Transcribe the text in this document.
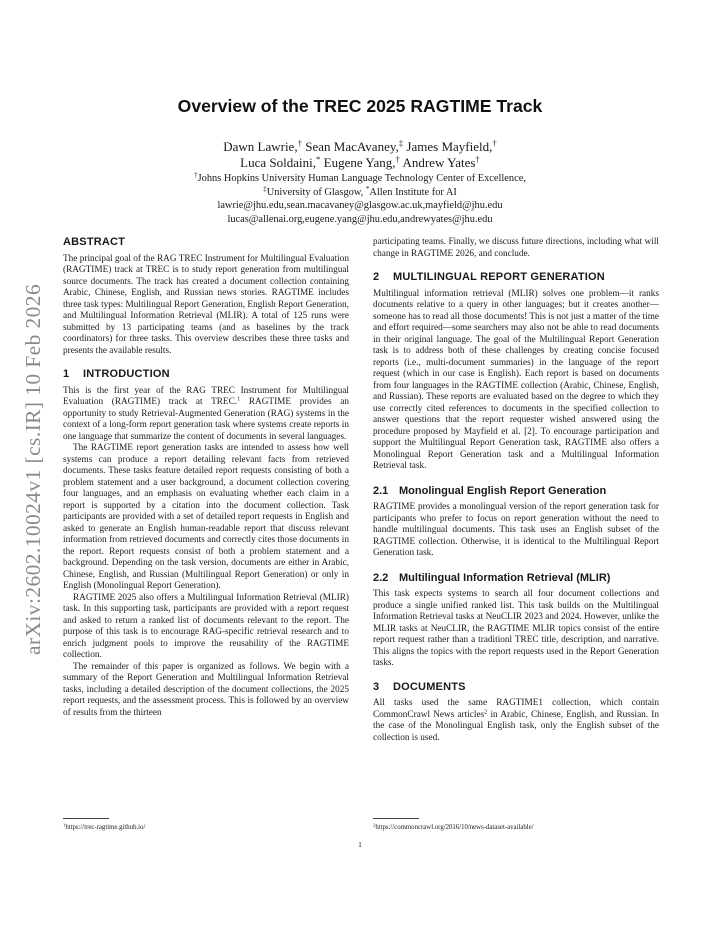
arXiv:2602.10024v1 [cs.IR] 10 Feb 2026
Overview of the TREC 2025 RAGTIME Track
Dawn Lawrie,† Sean MacAvaney,‡ James Mayfield,†
Luca Soldaini,* Eugene Yang,† Andrew Yates†
†Johns Hopkins University Human Language Technology Center of Excellence,
‡University of Glasgow, *Allen Institute for AI
lawrie@jhu.edu,sean.macavaney@glasgow.ac.uk,mayfield@jhu.edu
lucas@allenai.org,eugene.yang@jhu.edu,andrewyates@jhu.edu
ABSTRACT

The principal goal of the RAG TREC Instrument for Multilingual Evaluation (RAGTIME) track at TREC is to study report generation from multilingual source documents. The track has created a document collection containing Arabic, Chinese, English, and Russian news stories. RAGTIME includes three task types: Multilingual Report Generation, English Report Generation, and Multilingual Information Retrieval (MLIR). A total of 125 runs were submitted by 13 participating teams (and as baselines by the track coordinators) for three tasks. This overview describes these three tasks and presents the available results.

1 INTRODUCTION

This is the first year of the RAG TREC Instrument for Multilingual Evaluation (RAGTIME) track at TREC.$^1$ RAGTIME provides an opportunity to study Retrieval-Augmented Generation (RAG) systems in the context of a long-form report generation task where systems create reports in one language that summarize the content of documents in several languages.

The RAGTIME report generation tasks are intended to assess how well systems can produce a report detailing relevant facts from retrieved documents. These tasks feature detailed report requests consisting of both a problem statement and a user background, a document collection covering four languages, and an emphasis on evaluating whether each claim in a report is supported by a citation into the document collection. Task participants are provided with a set of detailed report requests in English and asked to generate an English human-readable report that discuss relevant information from retrieved documents and correctly cites those documents in the report. Report requests consist of both a problem statement and a background. Depending on the task version, documents are either in Arabic, Chinese, English, and Russian (Multilingual Report Generation) or only in English (Monolingual Report Generation).

RAGTIME 2025 also offers a Multilingual Information Retrieval (MLIR) task. In this supporting task, participants are provided with a report request and asked to return a ranked list of documents relevant to the report. The purpose of this task is to encourage RAG-specific retrieval research and to enrich judgment pools to improve the reusability of the RAGTIME collection.

The remainder of this paper is organized as follows. We begin with a summary of the Report Generation and Multilingual Information Retrieval tasks, including a detailed description of the document collections, the 2025 report requests, and the assessment process. This is followed by an overview of results from the thirteen

participating teams. Finally, we discuss future directions, including what will change in RAGTIME 2026, and conclude.

2 MULTILINGUAL REPORT GENERATION

Multilingual information retrieval (MLIR) solves one problem—it ranks documents relative to a query in other languages; but it creates another—someone has to read all those documents! This is not just a matter of the time and effort required—some searchers may also not be able to read documents in their original language. The goal of the Multilingual Report Generation task is to address both of these challenges by creating concise focused reports (i.e., multi-document summaries) in the language of the report request (which in our case is English). Each report is based on documents from four languages in the RAGTIME collection (Arabic, Chinese, English, and Russian). These reports are evaluated based on the degree to which they use correctly cited references to documents in the specified collection to answer questions that the report requester wished answered using the procedure proposed by Mayfield et al. [2]. To encourage participation and support the Multilingual Report Generation task, RAGTIME also offers a Monolingual Report Generation task and a Multilingual Information Retrieval task.

2.1 Monolingual English Report Generation

RAGTIME provides a monolingual version of the report generation task for participants who prefer to focus on report generation without the need to handle multilingual documents. This task uses an English subset of the RAGTIME collection. Otherwise, it is identical to the Multilingual Report Generation task.

2.2 Multilingual Information Retrieval (MLIR)

This task expects systems to search all four document collections and produce a single unified ranked list. This task builds on the Multilingual Information Retrieval tasks at NeuCLIR 2023 and 2024. However, unlike the MLIR tasks at NeuCLIR, the RAGTIME MLIR topics consist of the entire report request rather than a traditionl TREC title, description, and narrative. This aligns the topics with the report requests used in the Report Generation tasks.

3 DOCUMENTS

All tasks used the same RAGTIME1 collection, which contain CommonCrawl News articles$^2$ in Arabic, Chinese, English, and Russian. In the case of the Monolingual English task, only the English subset of the collection is used.

$^1$https://trec-ragtime.github.io/	$^2$https://commoncrawl.org/2016/10/news-dataset-available/
1
